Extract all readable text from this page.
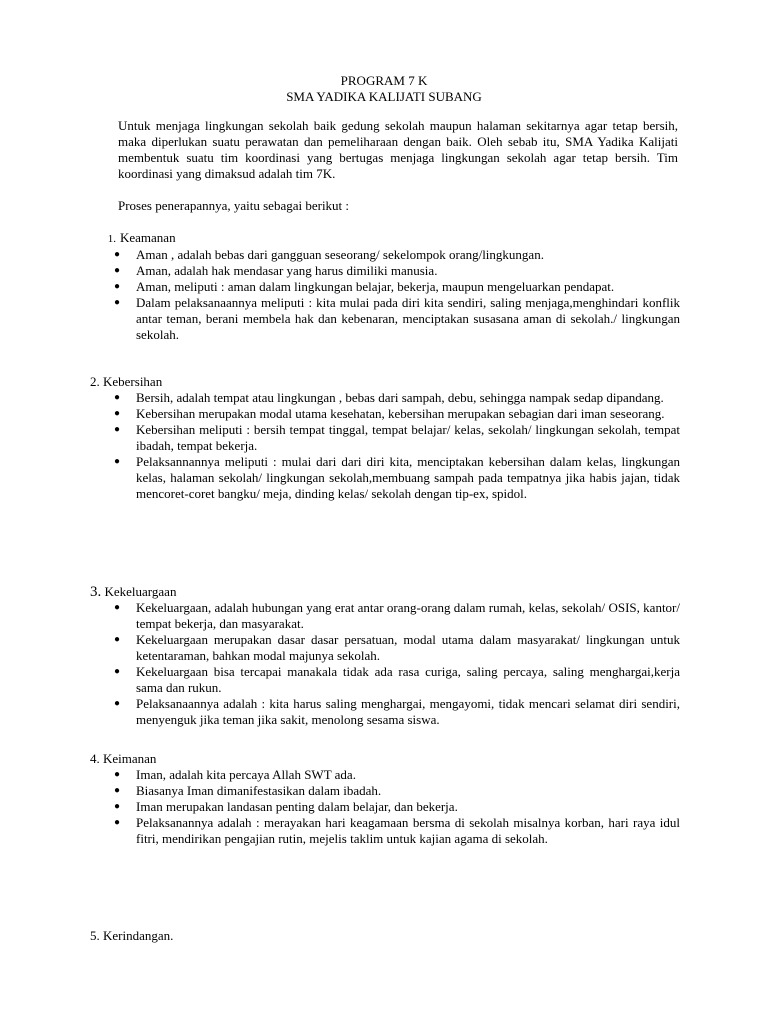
PROGRAM 7 K
SMA YADIKA KALIJATI SUBANG
Untuk menjaga lingkungan sekolah baik gedung sekolah maupun halaman sekitarnya agar tetap bersih, maka diperlukan suatu perawatan dan pemeliharaan dengan baik. Oleh sebab itu, SMA Yadika Kalijati membentuk suatu tim koordinasi yang bertugas menjaga lingkungan sekolah agar tetap bersih. Tim koordinasi yang dimaksud adalah tim 7K.
Proses penerapannya, yaitu sebagai berikut :
1. Keamanan
● Aman , adalah bebas dari gangguan seseorang/ sekelompok orang/lingkungan.
● Aman, adalah hak mendasar yang harus dimiliki manusia.
● Aman, meliputi : aman dalam lingkungan belajar, bekerja, maupun mengeluarkan pendapat.
● Dalam pelaksanaannya meliputi : kita mulai pada diri kita sendiri, saling menjaga,menghindari konflik antar teman, berani membela hak dan kebenaran, menciptakan susasana aman di sekolah./ lingkungan sekolah.
2. Kebersihan
● Bersih, adalah tempat atau lingkungan , bebas dari sampah, debu, sehingga nampak sedap dipandang.
● Kebersihan merupakan modal utama kesehatan, kebersihan merupakan sebagian dari iman seseorang.
● Kebersihan meliputi : bersih tempat tinggal, tempat belajar/ kelas, sekolah/ lingkungan sekolah, tempat ibadah, tempat bekerja.
● Pelaksannannya meliputi : mulai dari dari diri kita, menciptakan kebersihan dalam kelas, lingkungan kelas, halaman sekolah/ lingkungan sekolah,membuang sampah pada tempatnya jika habis jajan, tidak mencoret-coret bangku/ meja, dinding kelas/ sekolah dengan tip-ex, spidol.
3. Kekeluargaan
● Kekeluargaan, adalah hubungan yang erat antar orang-orang dalam rumah, kelas, sekolah/ OSIS, kantor/ tempat bekerja, dan masyarakat.
● Kekeluargaan merupakan dasar dasar persatuan, modal utama dalam masyarakat/ lingkungan untuk ketentaraman, bahkan modal majunya sekolah.
● Kekeluargaan bisa tercapai manakala tidak ada rasa curiga, saling percaya, saling menghargai,kerja sama dan rukun.
● Pelaksanaannya adalah : kita harus saling menghargai, mengayomi, tidak mencari selamat diri sendiri, menyenguk jika teman jika sakit, menolong sesama siswa.
4. Keimanan
● Iman, adalah kita percaya Allah SWT ada.
● Biasanya Iman dimanifestasikan dalam ibadah.
● Iman merupakan landasan penting dalam belajar, dan bekerja.
● Pelaksanannya adalah : merayakan hari keagamaan bersma di sekolah misalnya korban, hari raya idul fitri, mendirikan pengajian rutin, mejelis taklim untuk kajian agama di sekolah.
5. Kerindangan.
